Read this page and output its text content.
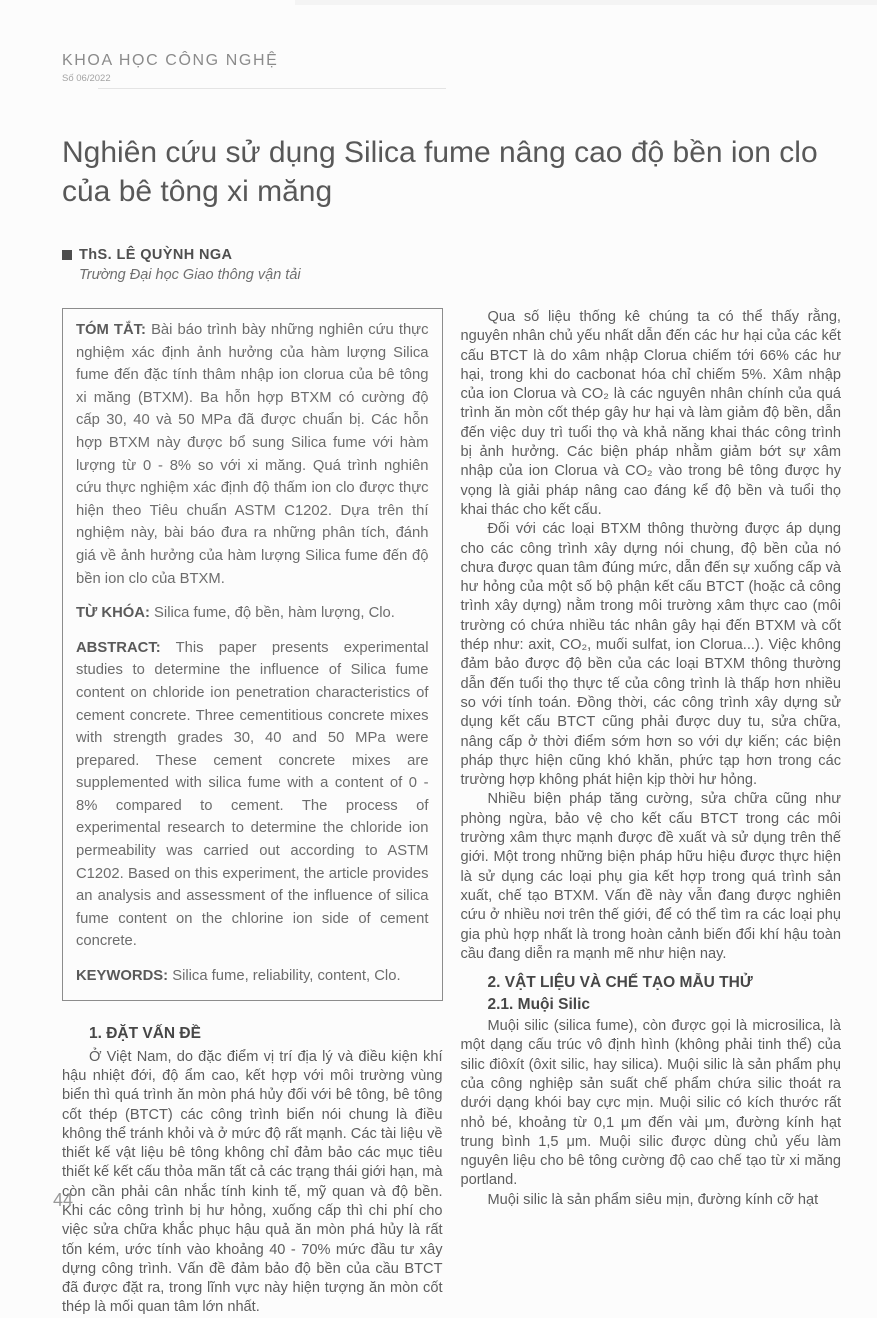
KHOA HỌC CÔNG NGHỆ
Số 06/2022
Nghiên cứu sử dụng Silica fume nâng cao độ bền ion clo của bê tông xi măng
ThS. LÊ QUỲNH NGA
Trường Đại học Giao thông vận tải

TÓM TẮT: Bài báo trình bày những nghiên cứu thực nghiệm xác định ảnh hưởng của hàm lượng Silica fume đến đặc tính thâm nhập ion clorua của bê tông xi măng (BTXM). Ba hỗn hợp BTXM có cường độ cấp 30, 40 và 50 MPa đã được chuẩn bị. Các hỗn hợp BTXM này được bổ sung Silica fume với hàm lượng từ 0 - 8% so với xi măng. Quá trình nghiên cứu thực nghiệm xác định độ thấm ion clo được thực hiện theo Tiêu chuẩn ASTM C1202. Dựa trên thí nghiệm này, bài báo đưa ra những phân tích, đánh giá về ảnh hưởng của hàm lượng Silica fume đến độ bền ion clo của BTXM.

TỪ KHÓA: Silica fume, độ bền, hàm lượng, Clo.

ABSTRACT: This paper presents experimental studies to determine the influence of Silica fume content on chloride ion penetration characteristics of cement concrete. Three cementitious concrete mixes with strength grades 30, 40 and 50 MPa were prepared. These cement concrete mixes are supplemented with silica fume with a content of 0 - 8% compared to cement. The process of experimental research to determine the chloride ion permeability was carried out according to ASTM C1202. Based on this experiment, the article provides an analysis and assessment of the influence of silica fume content on the chlorine ion side of cement concrete.

KEYWORDS: Silica fume, reliability, content, Clo.

1. ĐẶT VẤN ĐỀ

Ở Việt Nam, do đặc điểm vị trí địa lý và điều kiện khí hậu nhiệt đới, độ ẩm cao, kết hợp với môi trường vùng biển thì quá trình ăn mòn phá hủy đối với bê tông, bê tông cốt thép (BTCT) các công trình biển nói chung là điều không thể tránh khỏi và ở mức độ rất mạnh. Các tài liệu về thiết kế vật liệu bê tông không chỉ đảm bảo các mục tiêu thiết kế kết cấu thỏa mãn tất cả các trạng thái giới hạn, mà còn cần phải cân nhắc tính kinh tế, mỹ quan và độ bền. Khi các công trình bị hư hỏng, xuống cấp thì chi phí cho việc sửa chữa khắc phục hậu quả ăn mòn phá hủy là rất tốn kém, ước tính vào khoảng 40 - 70% mức đầu tư xây dựng công trình. Vấn đề đảm bảo độ bền của cầu BTCT đã được đặt ra, trong lĩnh vực này hiện tượng ăn mòn cốt thép là mối quan tâm lớn nhất.

Qua số liệu thống kê chúng ta có thể thấy rằng, nguyên nhân chủ yếu nhất dẫn đến các hư hại của các kết cấu BTCT là do xâm nhập Clorua chiếm tới 66% các hư hại, trong khi do cacbonat hóa chỉ chiếm 5%. Xâm nhập của ion Clorua và CO₂ là các nguyên nhân chính của quá trình ăn mòn cốt thép gây hư hại và làm giảm độ bền, dẫn đến việc duy trì tuổi thọ và khả năng khai thác công trình bị ảnh hưởng. Các biện pháp nhằm giảm bớt sự xâm nhập của ion Clorua và CO₂ vào trong bê tông được hy vọng là giải pháp nâng cao đáng kể độ bền và tuổi thọ khai thác cho kết cấu.

Đối với các loại BTXM thông thường được áp dụng cho các công trình xây dựng nói chung, độ bền của nó chưa được quan tâm đúng mức, dẫn đến sự xuống cấp và hư hỏng của một số bộ phận kết cấu BTCT (hoặc cả công trình xây dựng) nằm trong môi trường xâm thực cao (môi trường có chứa nhiều tác nhân gây hại đến BTXM và cốt thép như: axit, CO₂, muối sulfat, ion Clorua...). Việc không đảm bảo được độ bền của các loại BTXM thông thường dẫn đến tuổi thọ thực tế của công trình là thấp hơn nhiều so với tính toán. Đồng thời, các công trình xây dựng sử dụng kết cấu BTCT cũng phải được duy tu, sửa chữa, nâng cấp ở thời điểm sớm hơn so với dự kiến; các biện pháp thực hiện cũng khó khăn, phức tạp hơn trong các trường hợp không phát hiện kịp thời hư hỏng.

Nhiều biện pháp tăng cường, sửa chữa cũng như phòng ngừa, bảo vệ cho kết cấu BTCT trong các môi trường xâm thực mạnh được đề xuất và sử dụng trên thế giới. Một trong những biện pháp hữu hiệu được thực hiện là sử dụng các loại phụ gia kết hợp trong quá trình sản xuất, chế tạo BTXM. Vấn đề này vẫn đang được nghiên cứu ở nhiều nơi trên thế giới, để có thể tìm ra các loại phụ gia phù hợp nhất là trong hoàn cảnh biến đổi khí hậu toàn cầu đang diễn ra mạnh mẽ như hiện nay.

2. VẬT LIỆU VÀ CHẾ TẠO MẪU THỬ
2.1. Muội Silic

Muội silic (silica fume), còn được gọi là microsilica, là một dạng cấu trúc vô định hình (không phải tinh thể) của silic điôxít (ôxit silic, hay silica). Muội silic là sản phẩm phụ của công nghiệp sản suất chế phẩm chứa silic thoát ra dưới dạng khói bay cực mịn. Muội silic có kích thước rất nhỏ bé, khoảng từ 0,1 μm đến vài μm, đường kính hạt trung bình 1,5 μm. Muội silic được dùng chủ yếu làm nguyên liệu cho bê tông cường độ cao chế tạo từ xi măng portland.

Muội silic là sản phẩm siêu mịn, đường kính cỡ hạt

44
